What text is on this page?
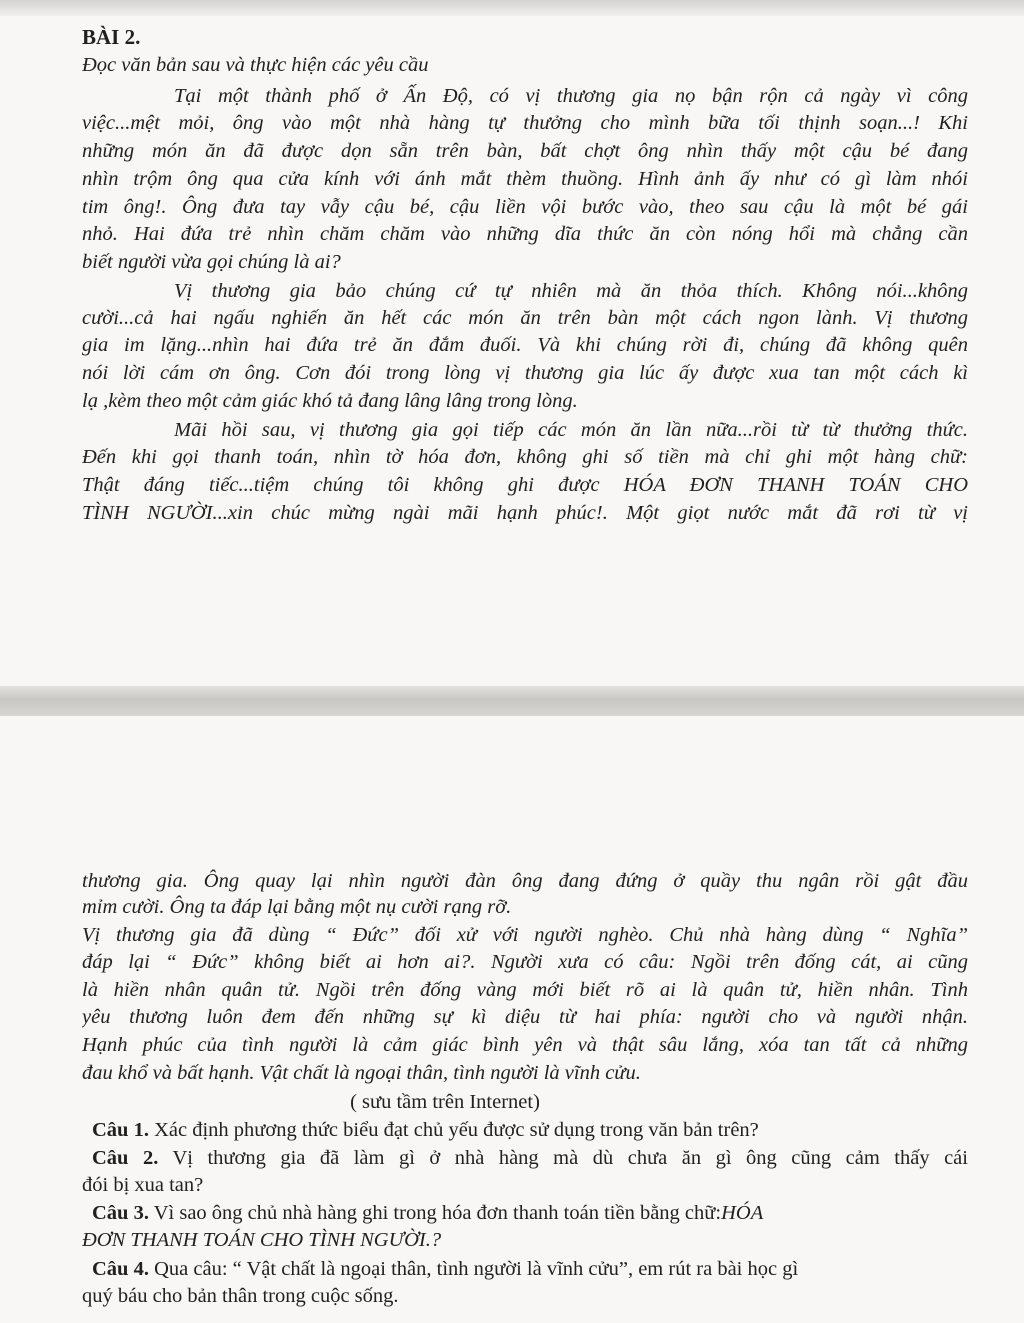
BÀI 2.
Đọc văn bản sau và thực hiện các yêu cầu
Tại một thành phố ở Ấn Độ, có vị thương gia nọ bận rộn cả ngày vì công
việc...mệt mỏi, ông vào một nhà hàng tự thưởng cho mình bữa tối thịnh soạn...! Khi
những món ăn đã được dọn sẵn trên bàn, bất chợt ông nhìn thấy một cậu bé đang
nhìn trộm ông qua cửa kính với ánh mắt thèm thuồng. Hình ảnh ấy như có gì làm nhói
tim ông!. Ông đưa tay vẫy cậu bé, cậu liền vội bước vào, theo sau cậu là một bé gái
nhỏ. Hai đứa trẻ nhìn chăm chăm vào những dĩa thức ăn còn nóng hổi mà chẳng cần
biết người vừa gọi chúng là ai?
Vị thương gia bảo chúng cứ tự nhiên mà ăn thỏa thích. Không nói...không
cười...cả hai ngấu nghiến ăn hết các món ăn trên bàn một cách ngon lành. Vị thương
gia im lặng...nhìn hai đứa trẻ ăn đắm đuối. Và khi chúng rời đi, chúng đã không quên
nói lời cám ơn ông. Cơn đói trong lòng vị thương gia lúc ấy được xua tan một cách kì
lạ ,kèm theo một cảm giác khó tả đang lâng lâng trong lòng.
Mãi hồi sau, vị thương gia gọi tiếp các món ăn lần nữa...rồi từ từ thưởng thức.
Đến khi gọi thanh toán, nhìn tờ hóa đơn, không ghi số tiền mà chỉ ghi một hàng chữ:
Thật đáng tiếc...tiệm chúng tôi không ghi được HÓA ĐƠN THANH TOÁN CHO
TÌNH NGƯỜI...xin chúc mừng ngài mãi hạnh phúc!. Một giọt nước mắt đã rơi từ vị
thương gia. Ông quay lại nhìn người đàn ông đang đứng ở quầy thu ngân rồi gật đầu
mỉm cười. Ông ta đáp lại bằng một nụ cười rạng rỡ.
Vị thương gia đã dùng “ Đức” đối xử với người nghèo. Chủ nhà hàng dùng “ Nghĩa”
đáp lại “ Đức” không biết ai hơn ai?. Người xưa có câu: Ngồi trên đống cát, ai cũng
là hiền nhân quân tử. Ngồi trên đống vàng mới biết rõ ai là quân tử, hiền nhân. Tình
yêu thương luôn đem đến những sự kì diệu từ hai phía: người cho và người nhận.
Hạnh phúc của tình người là cảm giác bình yên và thật sâu lắng, xóa tan tất cả những
đau khổ và bất hạnh. Vật chất là ngoại thân, tình người là vĩnh cửu.
( sưu tầm trên Internet)
Câu 1. Xác định phương thức biểu đạt chủ yếu được sử dụng trong văn bản trên?
Câu 2. Vị thương gia đã làm gì ở nhà hàng mà dù chưa ăn gì ông cũng cảm thấy cái
đói bị xua tan?
Câu 3. Vì sao ông chủ nhà hàng ghi trong hóa đơn thanh toán tiền bằng chữ:HÓA
ĐƠN THANH TOÁN CHO TÌNH NGƯỜI.?
Câu 4. Qua câu: “ Vật chất là ngoại thân, tình người là vĩnh cửu”, em rút ra bài học gì
quý báu cho bản thân trong cuộc sống.
